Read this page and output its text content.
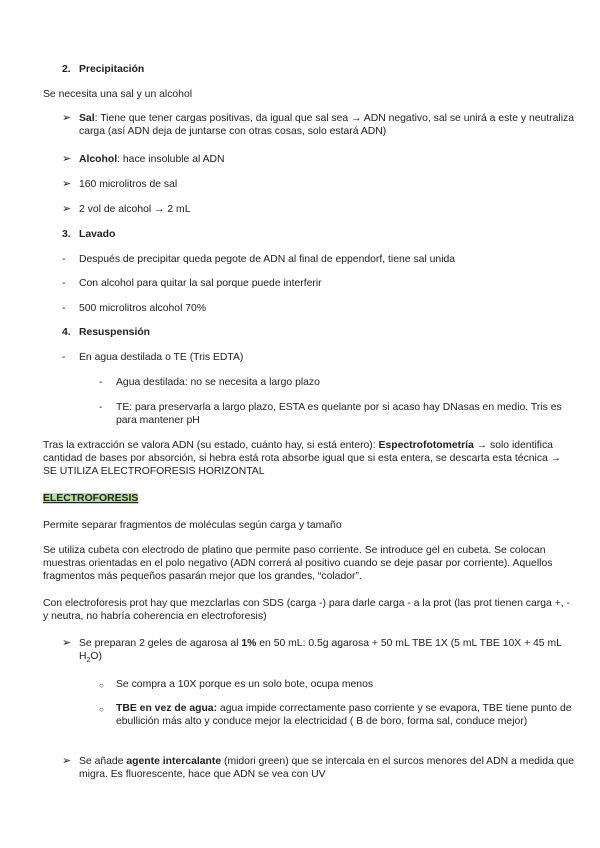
2. Precipitación
Se necesita una sal y un alcohol
➢ Sal: Tiene que tener cargas positivas, da igual que sal sea → ADN negativo, sal se unirá a este y neutraliza carga (así ADN deja de juntarse con otras cosas, solo estará ADN)
➢ Alcohol: hace insoluble al ADN
➢ 160 microlitros de sal
➢ 2 vol de alcohol → 2 mL
3. Lavado
- Después de precipitar queda pegote de ADN al final de eppendorf, tiene sal unida
- Con alcohol para quitar la sal porque puede interferir
- 500 microlitros alcohol 70%
4. Resuspensión
- En agua destilada o TE (Tris EDTA)
- Agua destilada: no se necesita a largo plazo
- TE: para preservarla a largo plazo, ESTA es quelante por si acaso hay DNasas en medio. Tris es para mantener pH
Tras la extracción se valora ADN (su estado, cuánto hay, si está entero): Espectrofotometría → solo identifica cantidad de bases por absorción, si hebra está rota absorbe igual que si esta entera, se descarta esta técnica → SE UTILIZA ELECTROFORESIS HORIZONTAL
ELECTROFORESIS
Permite separar fragmentos de moléculas según carga y tamaño
Se utiliza cubeta con electrodo de platino que permite paso corriente. Se introduce gel en cubeta. Se colocan muestras orientadas en el polo negativo (ADN correrá al positivo cuando se deje pasar por corriente). Aquellos fragmentos más pequeños pasarán mejor que los grandes, “colador”.
Con electroforesis prot hay que mezclarlas con SDS (carga -) para darle carga - a la prot (las prot tienen carga +, - y neutra, no habría coherencia en electroforesis)
➢ Se preparan 2 geles de agarosa al 1% en 50 mL: 0.5g agarosa + 50 mL TBE 1X (5 mL TBE 10X + 45 mL $H_2O$)
○ Se compra a 10X porque es un solo bote, ocupa menos
○ TBE en vez de agua: agua impide correctamente paso corriente y se evapora, TBE tiene punto de ebullición más alto y conduce mejor la electricidad ( B de boro, forma sal, conduce mejor)
➢ Se añade agente intercalante (midori green) que se intercala en el surcos menores del ADN a medida que migra. Es fluorescente, hace que ADN se vea con UV
